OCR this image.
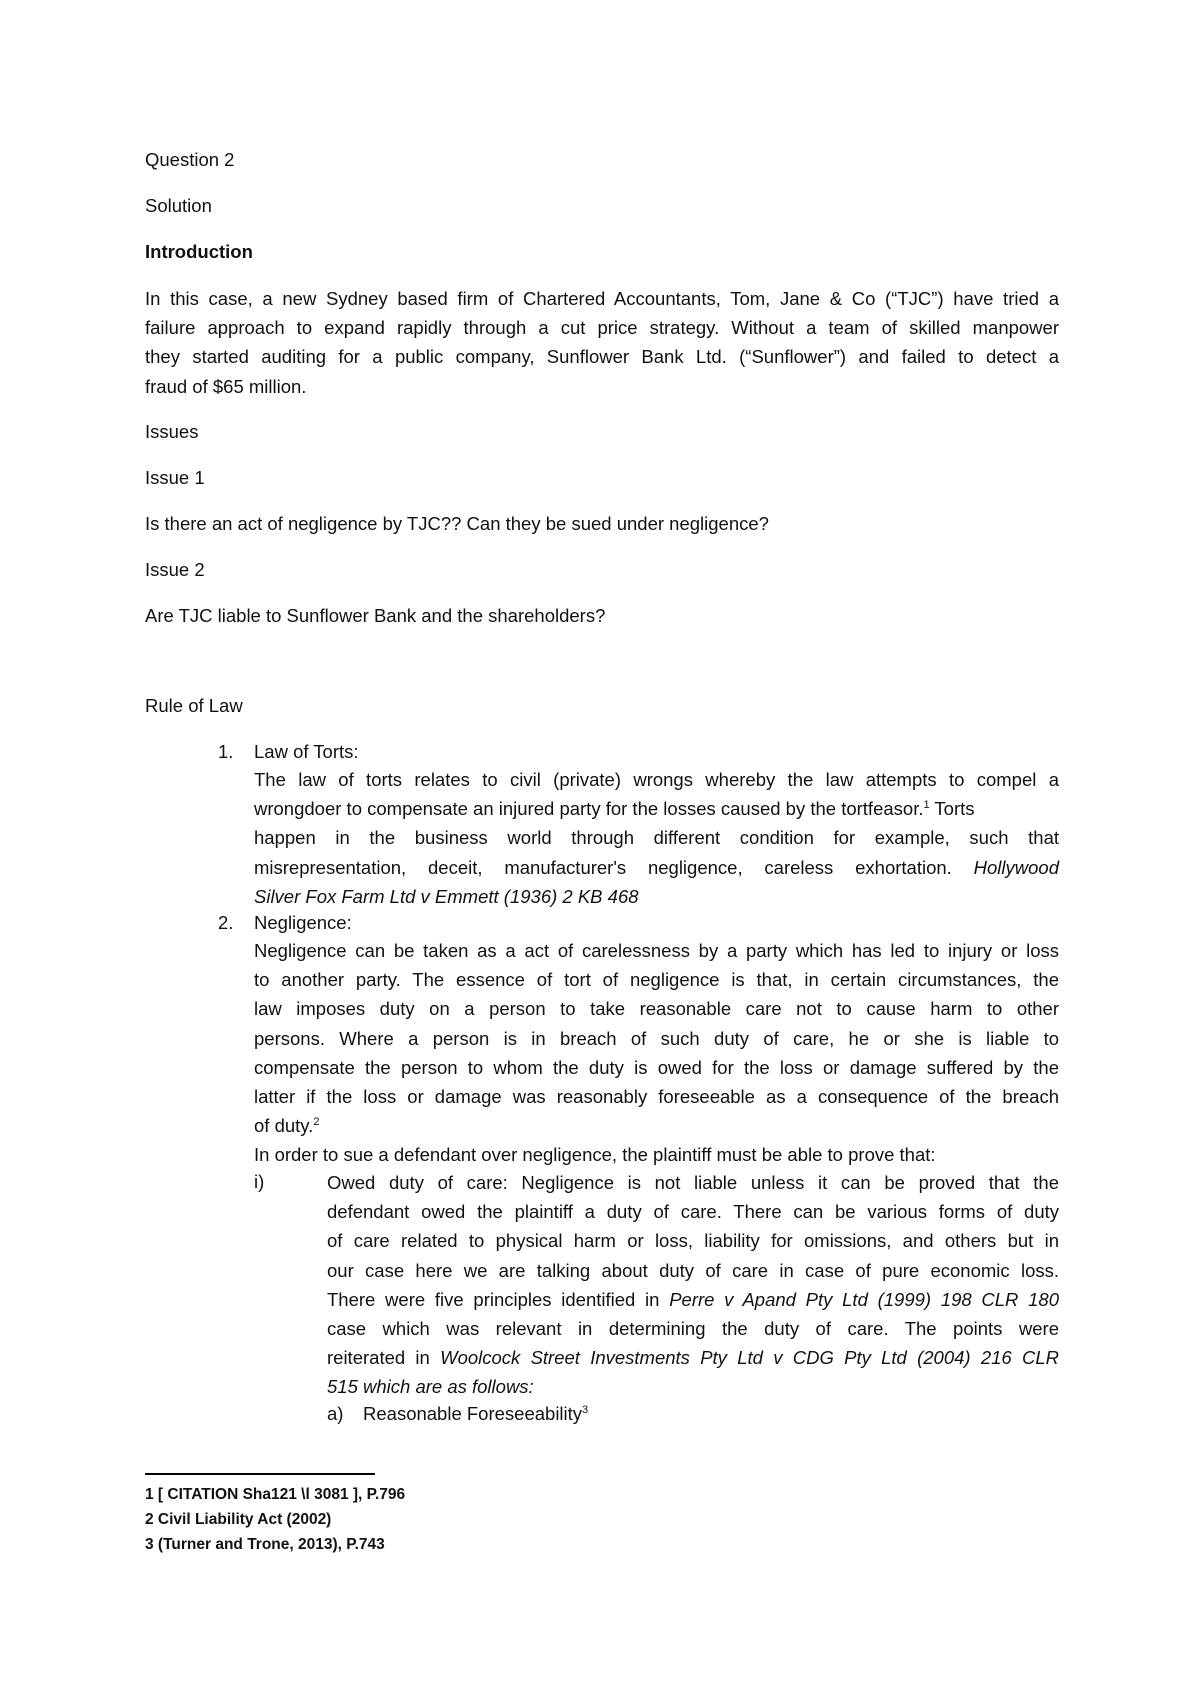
Question 2
Solution
Introduction

In this case, a new Sydney based firm of Chartered Accountants, Tom, Jane & Co (“TJC”) have tried a

failure approach to expand rapidly through a cut price strategy. Without a team of skilled manpower

they started auditing for a public company, Sunflower Bank Ltd. (“Sunflower”) and failed to detect a

fraud of $65 million.

Issues
Issue 1
Is there an act of negligence by TJC?? Can they be sued under negligence?
Issue 2
Are TJC liable to Sunflower Bank and the shareholders?
Rule of Law
1. Law of Torts:

The law of torts relates to civil (private) wrongs whereby the law attempts to compel a

wrongdoer to compensate an injured party for the losses caused by the tortfeasor.$^1$ Torts

happen in the business world through different condition for example, such that

misrepresentation, deceit, manufacturer's negligence, careless exhortation. Hollywood

Silver Fox Farm Ltd v Emmett (1936) 2 KB 468

2. Negligence:

Negligence can be taken as a act of carelessness by a party which has led to injury or loss

to another party. The essence of tort of negligence is that, in certain circumstances, the

law imposes duty on a person to take reasonable care not to cause harm to other

persons. Where a person is in breach of such duty of care, he or she is liable to

compensate the person to whom the duty is owed for the loss or damage suffered by the

latter if the loss or damage was reasonably foreseeable as a consequence of the breach

of duty.$^2$

In order to sue a defendant over negligence, the plaintiff must be able to prove that:

i)	Owed duty of care: Negligence is not liable unless it can be proved that the

defendant owed the plaintiff a duty of care. There can be various forms of duty

of care related to physical harm or loss, liability for omissions, and others but in

our case here we are talking about duty of care in case of pure economic loss.

There were five principles identified in Perre v Apand Pty Ltd (1999) 198 CLR 180

case which was relevant in determining the duty of care. The points were

reiterated in Woolcock Street Investments Pty Ltd v CDG Pty Ltd (2004) 216 CLR

515 which are as follows:

a) Reasonable Foreseeability$^3$
1 [ CITATION Sha121 \l 3081 ], P.796
2 Civil Liability Act (2002)
3 (Turner and Trone, 2013), P.743
